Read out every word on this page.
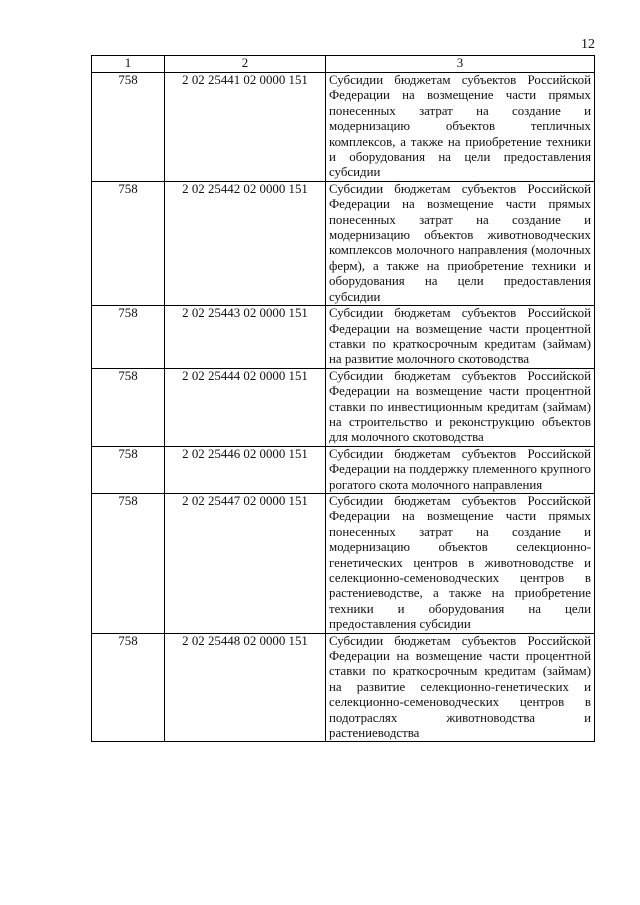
12
1	2	3
758	2 02 25441 02 0000 151	Субсидии бюджетам субъектов Российской Федерации на возмещение части прямых понесенных затрат на создание и модернизацию объектов тепличных комплексов, а также на приобретение техники и оборудования на цели предоставления субсидии
758	2 02 25442 02 0000 151	Субсидии бюджетам субъектов Российской Федерации на возмещение части прямых понесенных затрат на создание и модернизацию объектов животноводческих комплексов молочного направления (молочных ферм), а также на приобретение техники и оборудования на цели предоставления субсидии
758	2 02 25443 02 0000 151	Субсидии бюджетам субъектов Российской Федерации на возмещение части процентной ставки по краткосрочным кредитам (займам) на развитие молочного скотоводства
758	2 02 25444 02 0000 151	Субсидии бюджетам субъектов Российской Федерации на возмещение части процентной ставки по инвестиционным кредитам (займам) на строительство и реконструкцию объектов для молочного скотоводства
758	2 02 25446 02 0000 151	Субсидии бюджетам субъектов Российской Федерации на поддержку племенного крупного рогатого скота молочного направления
758	2 02 25447 02 0000 151	Субсидии бюджетам субъектов Российской Федерации на возмещение части прямых понесенных затрат на создание и модернизацию объектов селекционно-генетических центров в животноводстве и селекционно-семеноводческих центров в растениеводстве, а также на приобретение техники и оборудования на цели предоставления субсидии
758	2 02 25448 02 0000 151	Субсидии бюджетам субъектов Российской Федерации на возмещение части процентной ставки по краткосрочным кредитам (займам) на развитие селекционно-генетических и селекционно-семеноводческих центров в подотраслях животноводства и растениеводства
